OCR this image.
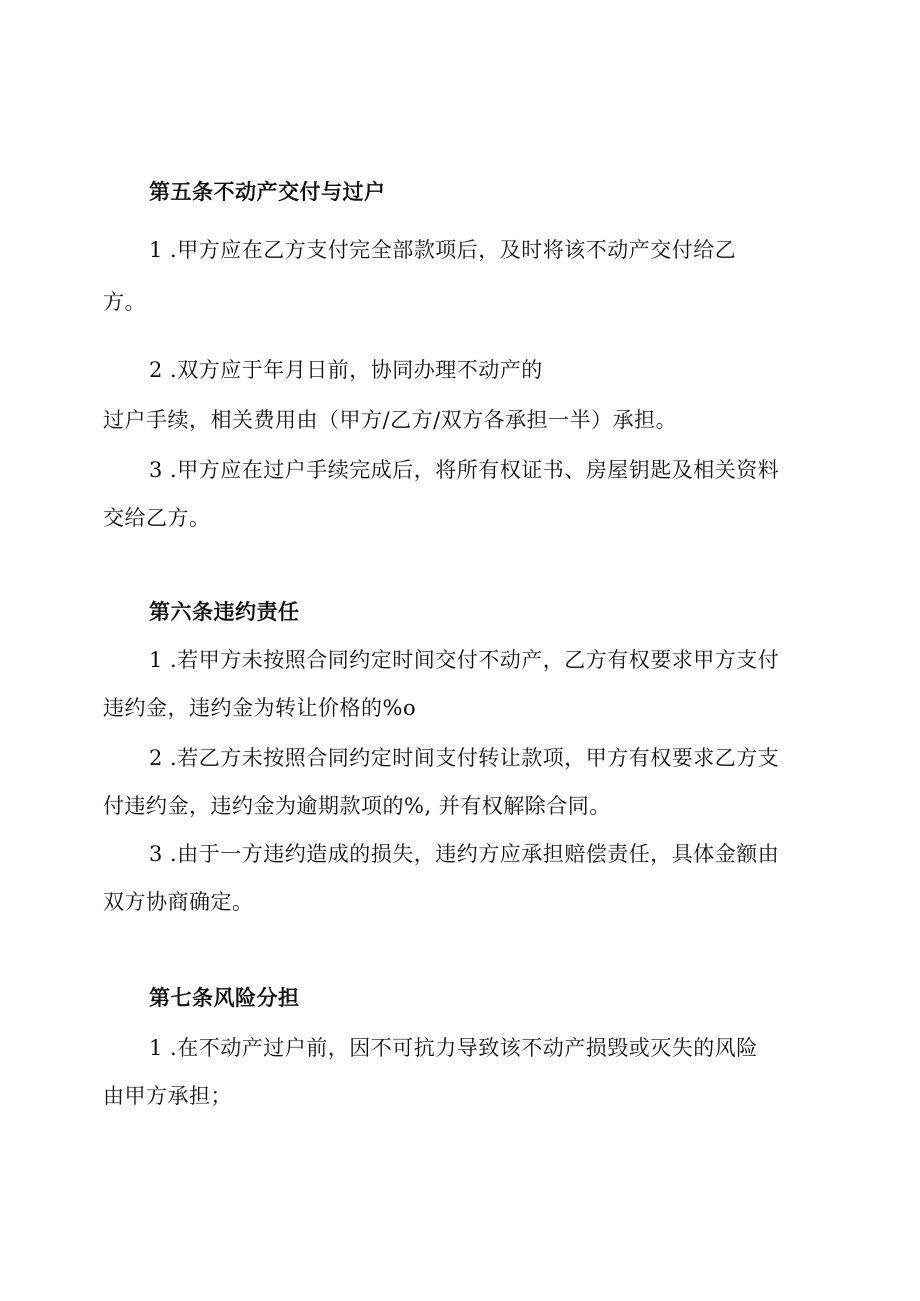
第五条不动产交付与过户
1 .甲方应在乙方支付完全部款项后，及时将该不动产交付给乙
方。
2 .双方应于年月日前，协同办理不动产的
过户手续，相关费用由（甲方/乙方/双方各承担一半）承担。
3 .甲方应在过户手续完成后，将所有权证书、房屋钥匙及相关资料
交给乙方。
第六条违约责任
1 .若甲方未按照合同约定时间交付不动产，乙方有权要求甲方支付
违约金，违约金为转让价格的%o
2 .若乙方未按照合同约定时间支付转让款项，甲方有权要求乙方支
付违约金，违约金为逾期款项的%, 并有权解除合同。
3 .由于一方违约造成的损失，违约方应承担赔偿责任，具体金额由
双方协商确定。
第七条风险分担
1 .在不动产过户前，因不可抗力导致该不动产损毁或灭失的风险
由甲方承担；
